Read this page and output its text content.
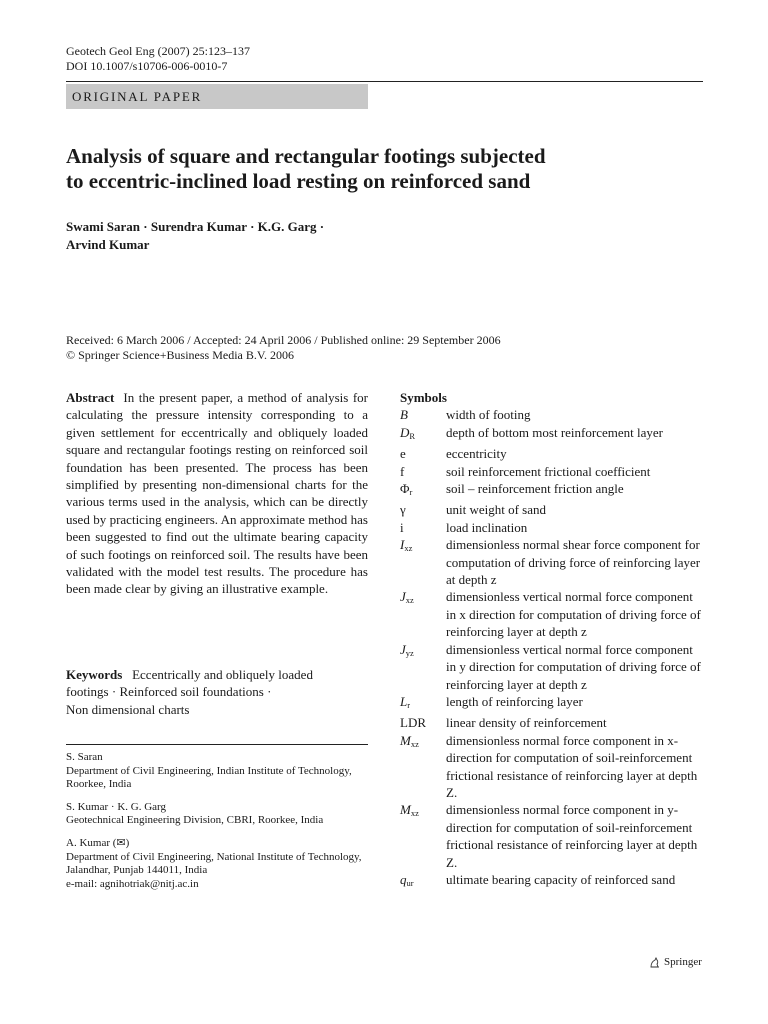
Geotech Geol Eng (2007) 25:123–137
DOI 10.1007/s10706-006-0010-7
ORIGINAL PAPER
Analysis of square and rectangular footings subjected
to eccentric-inclined load resting on reinforced sand
Swami Saran · Surendra Kumar · K.G. Garg ·
Arvind Kumar
Received: 6 March 2006 / Accepted: 24 April 2006 / Published online: 29 September 2006
© Springer Science+Business Media B.V. 2006
Abstract In the present paper, a method of analysis for calculating the pressure intensity corresponding to a given settlement for eccentrically and obliquely loaded square and rectangular footings resting on reinforced soil foundation has been presented. The process has been simplified by presenting non-dimensional charts for the various terms used in the analysis, which can be directly used by practicing engineers. An approximate method has been suggested to find out the ultimate bearing capacity of such footings on reinforced soil. The results have been validated with the model test results. The procedure has been made clear by giving an illustrative example.
Keywords Eccentrically and obliquely loaded
footings · Reinforced soil foundations ·
Non dimensional charts
S. Saran
Department of Civil Engineering, Indian Institute of Technology, Roorkee, India
S. Kumar · K. G. Garg
Geotechnical Engineering Division, CBRI, Roorkee, India
A. Kumar (✉)
Department of Civil Engineering, National Institute of Technology, Jalandhar, Punjab 144011, India
e-mail: agnihotriak@nitj.ac.in
Symbols
B	width of footing
$D_R$	depth of bottom most reinforcement layer
e	eccentricity
f	soil reinforcement frictional coefficient
$\Phi_r$	soil – reinforcement friction angle
γ	unit weight of sand
i	load inclination
$I_{xz}$	dimensionless normal shear force component for computation of driving force of reinforcing layer at depth z
$J_{xz}$	dimensionless vertical normal force component in x direction for computation of driving force of reinforcing layer at depth z
$J_{yz}$	dimensionless vertical normal force component in y direction for computation of driving force of reinforcing layer at depth z
$L_r$	length of reinforcing layer
LDR	linear density of reinforcement
$M_{xz}$	dimensionless normal force component in x-direction for computation of soil-reinforcement frictional resistance of reinforcing layer at depth Z.
$M_{xz}$	dimensionless normal force component in y-direction for computation of soil-reinforcement frictional resistance of reinforcing layer at depth Z.
$q_{ur}$	ultimate bearing capacity of reinforced sand
Springer
